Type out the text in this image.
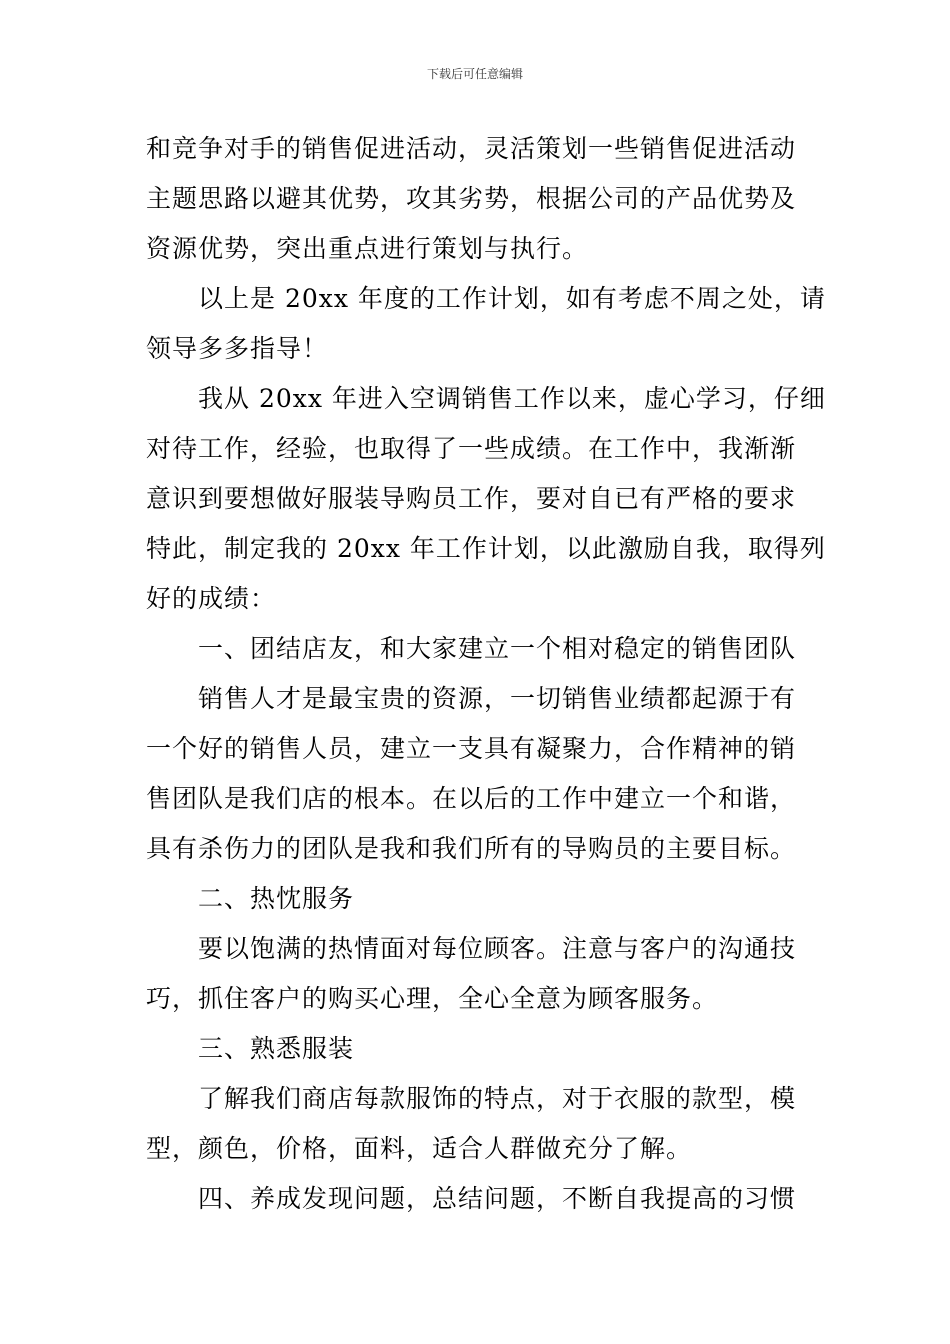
下载后可任意编辑
和竞争对手的销售促进活动，灵活策划一些销售促进活动
主题思路以避其优势，攻其劣势，根据公司的产品优势及
资源优势，突出重点进行策划与执行。
以上是 20xx 年度的工作计划，如有考虑不周之处，请
领导多多指导！
我从 20xx 年进入空调销售工作以来，虚心学习，仔细
对待工作，经验，也取得了一些成绩。在工作中，我渐渐
意识到要想做好服装导购员工作，要对自已有严格的要求
特此，制定我的 20xx 年工作计划，以此激励自我，取得列
好的成绩：
一、团结店友，和大家建立一个相对稳定的销售团队
销售人才是最宝贵的资源，一切销售业绩都起源于有
一个好的销售人员，建立一支具有凝聚力，合作精神的销
售团队是我们店的根本。在以后的工作中建立一个和谐，
具有杀伤力的团队是我和我们所有的导购员的主要目标。
二、热忱服务
要以饱满的热情面对每位顾客。注意与客户的沟通技
巧，抓住客户的购买心理，全心全意为顾客服务。
三、熟悉服装
了解我们商店每款服饰的特点，对于衣服的款型，模
型，颜色，价格，面料，适合人群做充分了解。
四、养成发现问题，总结问题，不断自我提高的习惯
